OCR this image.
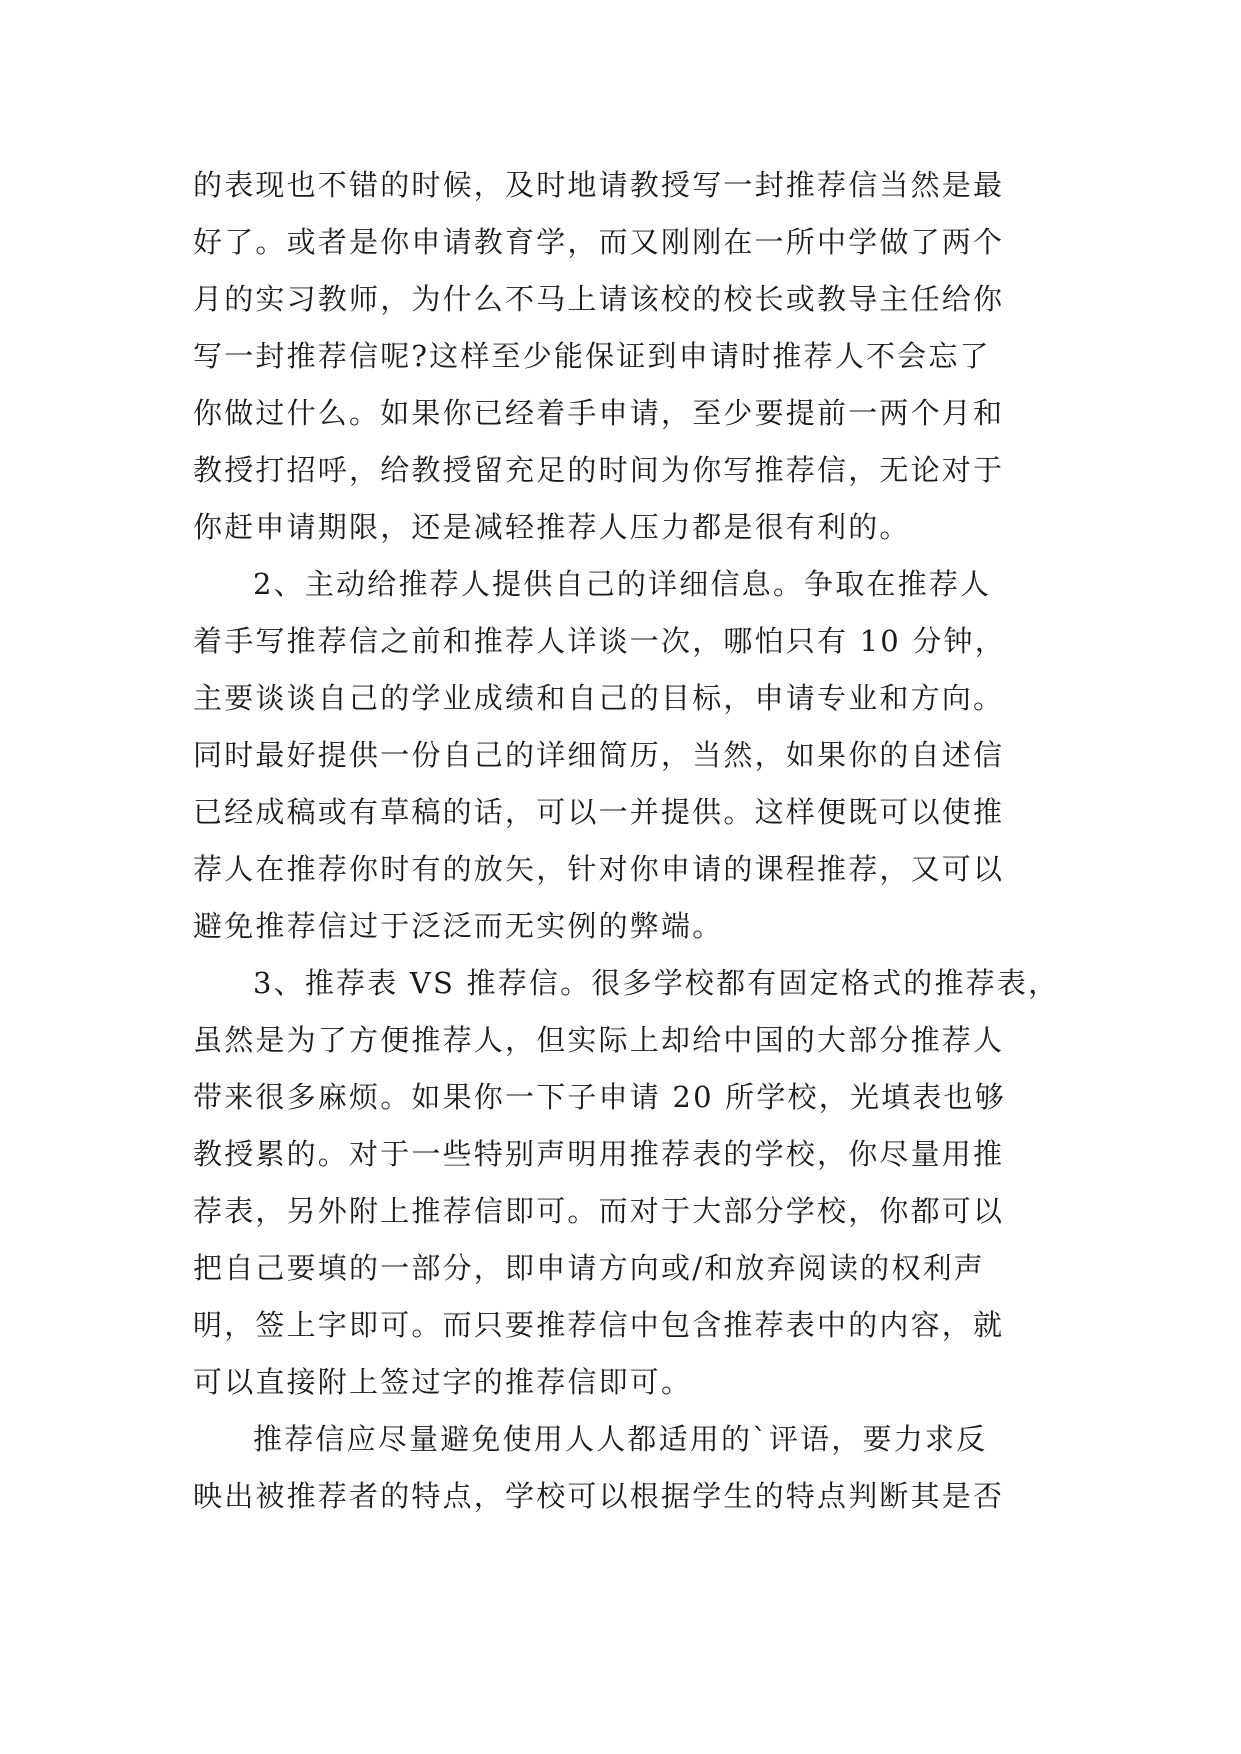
的表现也不错的时候，及时地请教授写一封推荐信当然是最
好了。或者是你申请教育学，而又刚刚在一所中学做了两个
月的实习教师，为什么不马上请该校的校长或教导主任给你
写一封推荐信呢?这样至少能保证到申请时推荐人不会忘了
你做过什么。如果你已经着手申请，至少要提前一两个月和
教授打招呼，给教授留充足的时间为你写推荐信，无论对于
你赶申请期限，还是减轻推荐人压力都是很有利的。
2、主动给推荐人提供自己的详细信息。争取在推荐人
着手写推荐信之前和推荐人详谈一次，哪怕只有 10 分钟，
主要谈谈自己的学业成绩和自己的目标，申请专业和方向。
同时最好提供一份自己的详细简历，当然，如果你的自述信
已经成稿或有草稿的话，可以一并提供。这样便既可以使推
荐人在推荐你时有的放矢，针对你申请的课程推荐，又可以
避免推荐信过于泛泛而无实例的弊端。
3、推荐表 VS 推荐信。很多学校都有固定格式的推荐表，
虽然是为了方便推荐人，但实际上却给中国的大部分推荐人
带来很多麻烦。如果你一下子申请 20 所学校，光填表也够
教授累的。对于一些特别声明用推荐表的学校，你尽量用推
荐表，另外附上推荐信即可。而对于大部分学校，你都可以
把自己要填的一部分，即申请方向或/和放弃阅读的权利声
明，签上字即可。而只要推荐信中包含推荐表中的内容，就
可以直接附上签过字的推荐信即可。
推荐信应尽量避免使用人人都适用的`评语，要力求反
映出被推荐者的特点，学校可以根据学生的特点判断其是否
